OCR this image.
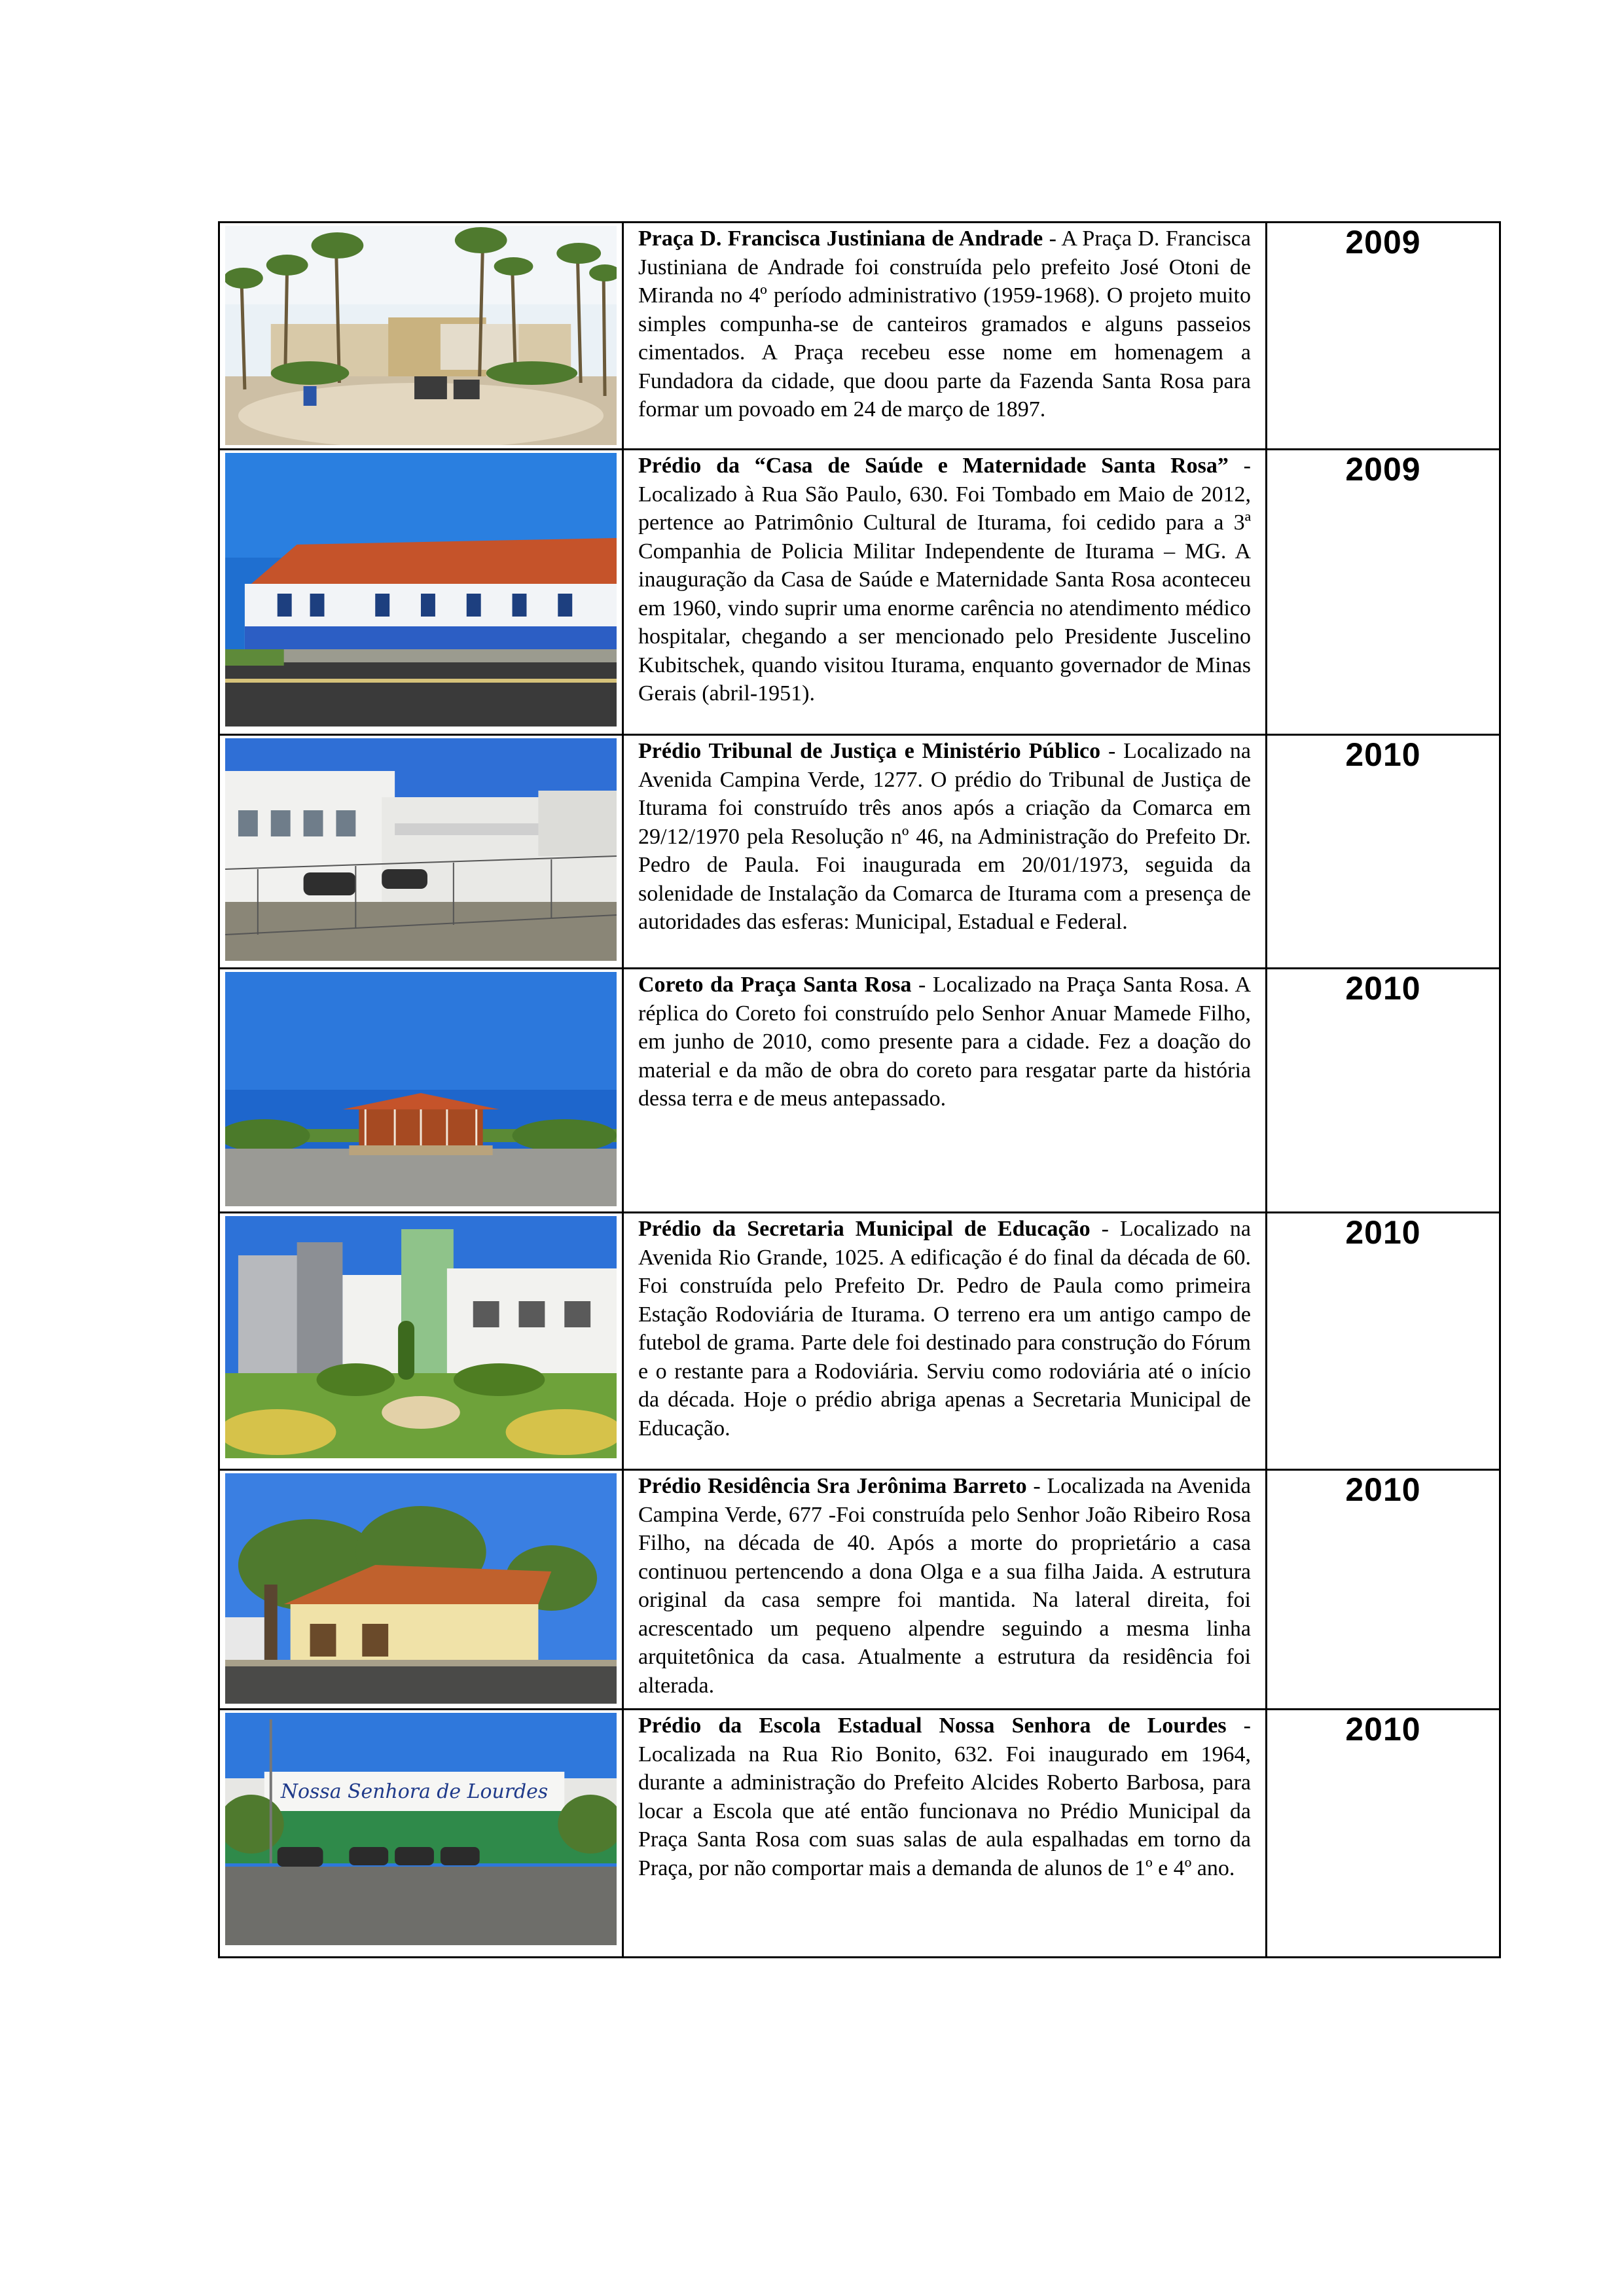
Praça D. Francisca Justiniana de Andrade - A Praça D. Francisca Justiniana de Andrade foi construída pelo prefeito José Otoni de Miranda no 4º período administrativo (1959-1968). O projeto muito simples compunha-se de canteiros gramados e alguns passeios cimentados. A Praça recebeu esse nome em homenagem a Fundadora da cidade, que doou parte da Fazenda Santa Rosa para formar um povoado em 24 de março de 1897.	2009

Prédio da “Casa de Saúde e Maternidade Santa Rosa” - Localizado à Rua São Paulo, 630. Foi Tombado em Maio de 2012, pertence ao Patrimônio Cultural de Iturama, foi cedido para a 3ª Companhia de Policia Militar Independente de Iturama – MG. A inauguração da Casa de Saúde e Maternidade Santa Rosa aconteceu em 1960, vindo suprir uma enorme carência no atendimento médico hospitalar, chegando a ser mencionado pelo Presidente Juscelino Kubitschek, quando visitou Iturama, enquanto governador de Minas Gerais (abril-1951).	2009

Prédio Tribunal de Justiça e Ministério Público - Localizado na Avenida Campina Verde, 1277. O prédio do Tribunal de Justiça de Iturama foi construído três anos após a criação da Comarca em 29/12/1970 pela Resolução nº 46, na Administração do Prefeito Dr. Pedro de Paula. Foi inaugurada em 20/01/1973, seguida da solenidade de Instalação da Comarca de Iturama com a presença de autoridades das esferas: Municipal, Estadual e Federal.	2010

Coreto da Praça Santa Rosa - Localizado na Praça Santa Rosa. A réplica do Coreto foi construído pelo Senhor Anuar Mamede Filho, em junho de 2010, como presente para a cidade. Fez a doação do material e da mão de obra do coreto para resgatar parte da história dessa terra e de meus antepassado.	2010

Prédio da Secretaria Municipal de Educação - Localizado na Avenida Rio Grande, 1025. A edificação é do final da década de 60. Foi construída pelo Prefeito Dr. Pedro de Paula como primeira Estação Rodoviária de Iturama. O terreno era um antigo campo de futebol de grama. Parte dele foi destinado para construção do Fórum e o restante para a Rodoviária. Serviu como rodoviária até o início da década. Hoje o prédio abriga apenas a Secretaria Municipal de Educação.	2010

Prédio Residência Sra Jerônima Barreto - Localizada na Avenida Campina Verde, 677 -Foi construída pelo Senhor João Ribeiro Rosa Filho, na década de 40. Após a morte do proprietário a casa continuou pertencendo a dona Olga e a sua filha Jaida. A estrutura original da casa sempre foi mantida. Na lateral direita, foi acrescentado um pequeno alpendre seguindo a mesma linha arquitetônica da casa. Atualmente a estrutura da residência foi alterada.	2010

Nossa Senhora de Lourdes	Prédio da Escola Estadual Nossa Senhora de Lourdes - Localizada na Rua Rio Bonito, 632. Foi inaugurado em 1964, durante a administração do Prefeito Alcides Roberto Barbosa, para locar a Escola que até então funcionava no Prédio Municipal da Praça Santa Rosa com suas salas de aula espalhadas em torno da Praça, por não comportar mais a demanda de alunos de 1º e 4º ano.	2010
